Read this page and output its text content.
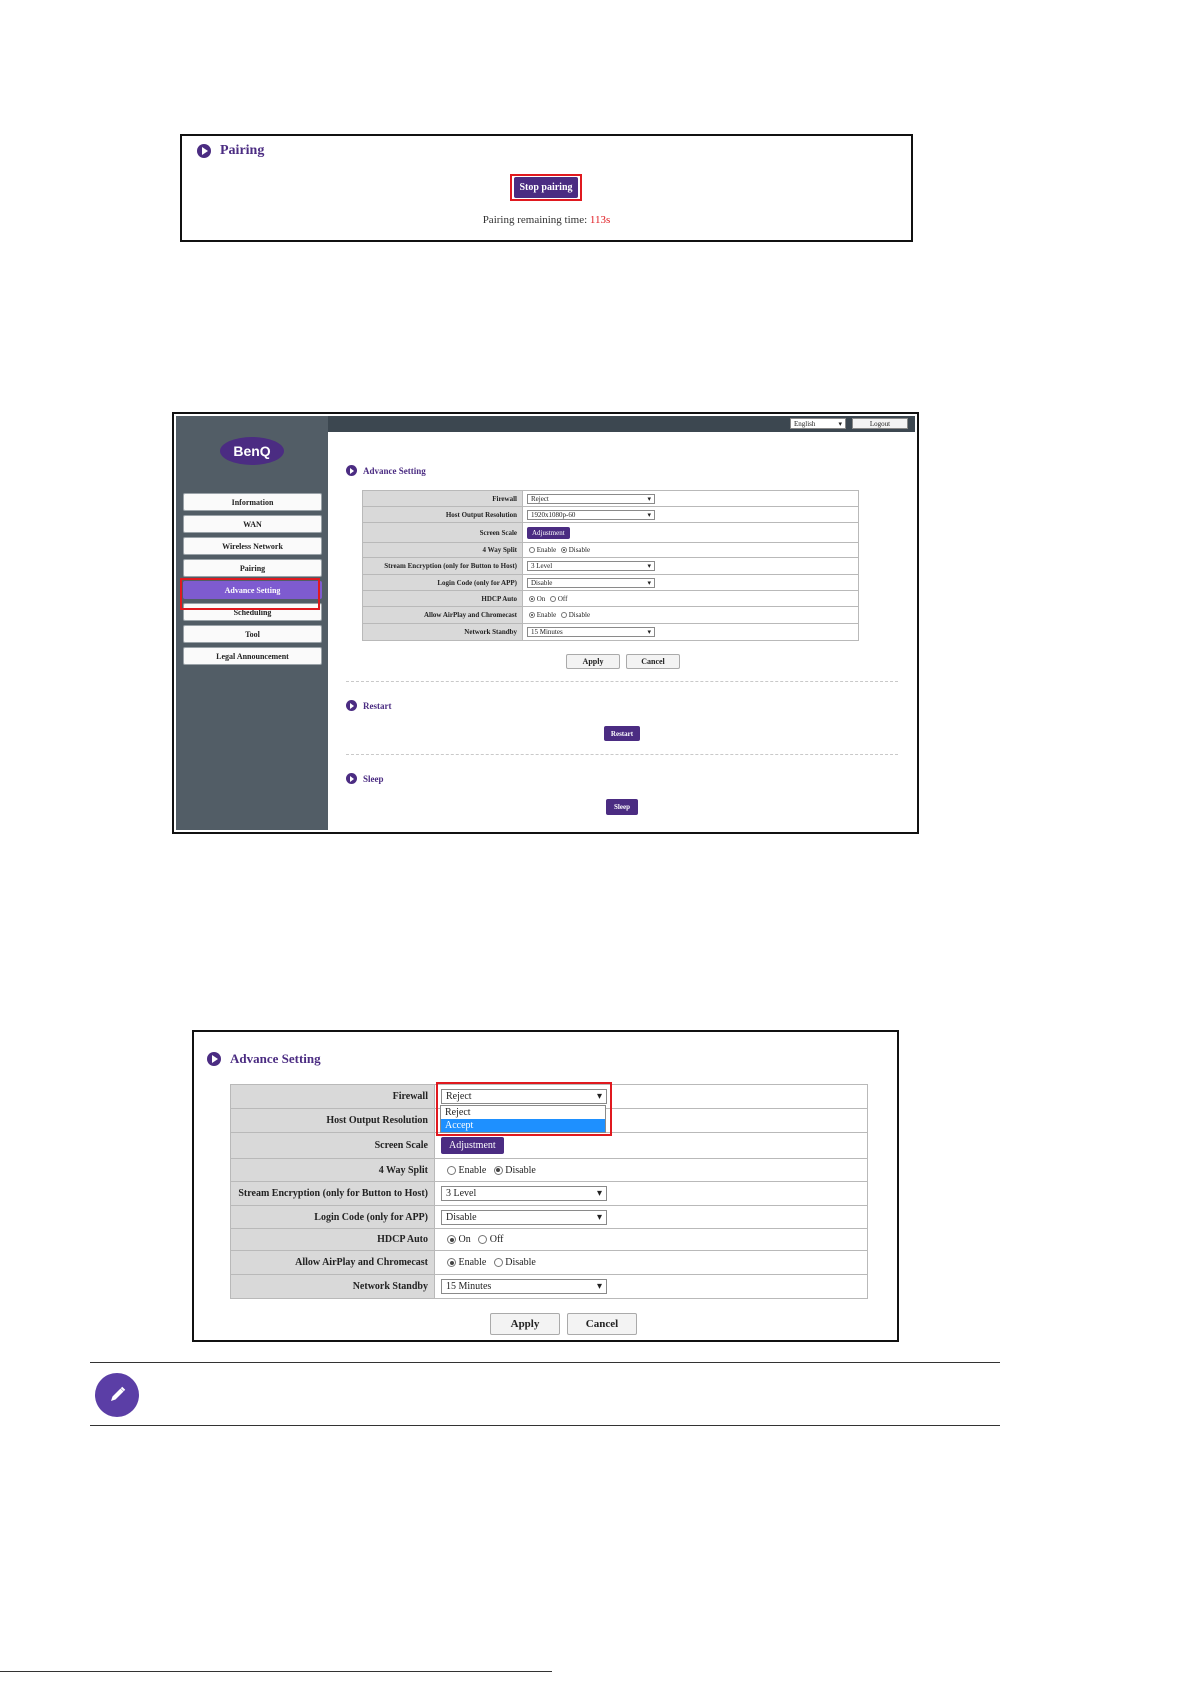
Pairing
Stop pairing
Pairing remaining time: 113s
BenQ
Information
WAN
Wireless Network
Pairing
Advance Setting
Scheduling
Tool
Legal Announcement
English	▾	Logout
Advance Setting
Firewall	Reject ▾

Host Output Resolution	1920x1080p-60 ▾

Screen Scale	Adjustment
4 Way Split	Enable Disable
Stream Encryption (only for Button to Host)	3 Level ▾

Login Code (only for APP)	Disable ▾

HDCP Auto	On Off
Allow AirPlay and Chromecast	Enable Disable
Network Standby	15 Minutes ▾
Apply	Cancel
Restart
Restart
Sleep
Sleep
Advance Setting
Firewall	Reject ▾

Host Output Resolution	
Screen Scale	Adjustment
4 Way Split	Enable Disable
Stream Encryption (only for Button to Host)	3 Level ▾

Login Code (only for APP)	Disable ▾

HDCP Auto	On Off
Allow AirPlay and Chromecast	Enable Disable
Network Standby	15 Minutes ▾
Reject
Accept
Apply	Cancel
